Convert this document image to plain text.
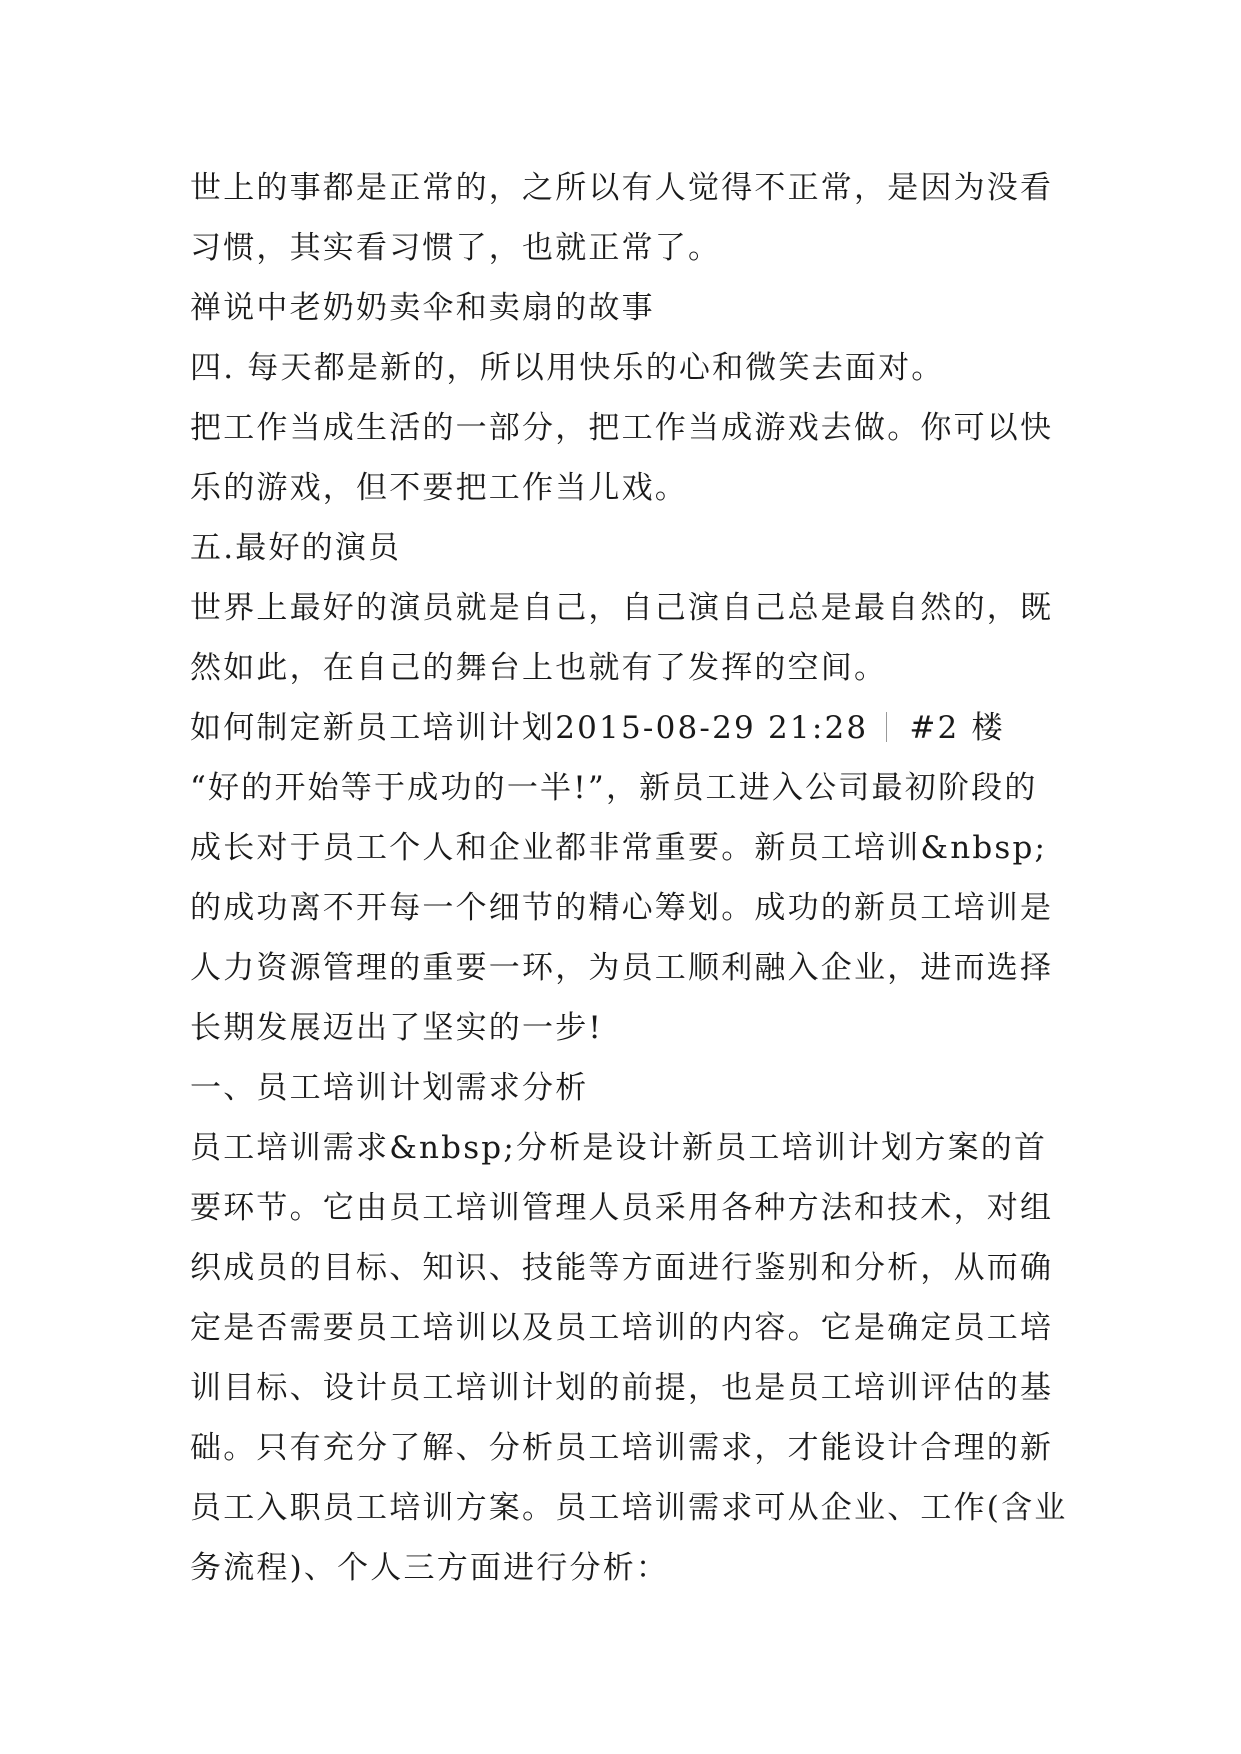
世上的事都是正常的，之所以有人觉得不正常，是因为没看习惯，其实看习惯了，也就正常了。

禅说中老奶奶卖伞和卖扇的故事

四. 每天都是新的，所以用快乐的心和微笑去面对。

把工作当成生活的一部分，把工作当成游戏去做。你可以快乐的游戏，但不要把工作当儿戏。

五.最好的演员

世界上最好的演员就是自己，自己演自己总是最自然的，既然如此，在自己的舞台上也就有了发挥的空间。

如何制定新员工培训计划2015-08-29 21:28 #2 楼

“好的开始等于成功的一半!”，新员工进入公司最初阶段的成长对于员工个人和企业都非常重要。新员工培训&nbsp;的成功离不开每一个细节的精心筹划。成功的新员工培训是人力资源管理的重要一环，为员工顺利融入企业，进而选择长期发展迈出了坚实的一步!

一、员工培训计划需求分析

员工培训需求&nbsp;分析是设计新员工培训计划方案的首要环节。它由员工培训管理人员采用各种方法和技术，对组织成员的目标、知识、技能等方面进行鉴别和分析，从而确定是否需要员工培训以及员工培训的内容。它是确定员工培训目标、设计员工培训计划的前提，也是员工培训评估的基础。只有充分了解、分析员工培训需求，才能设计合理的新员工入职员工培训方案。员工培训需求可从企业、工作(含业务流程)、个人三方面进行分析：
